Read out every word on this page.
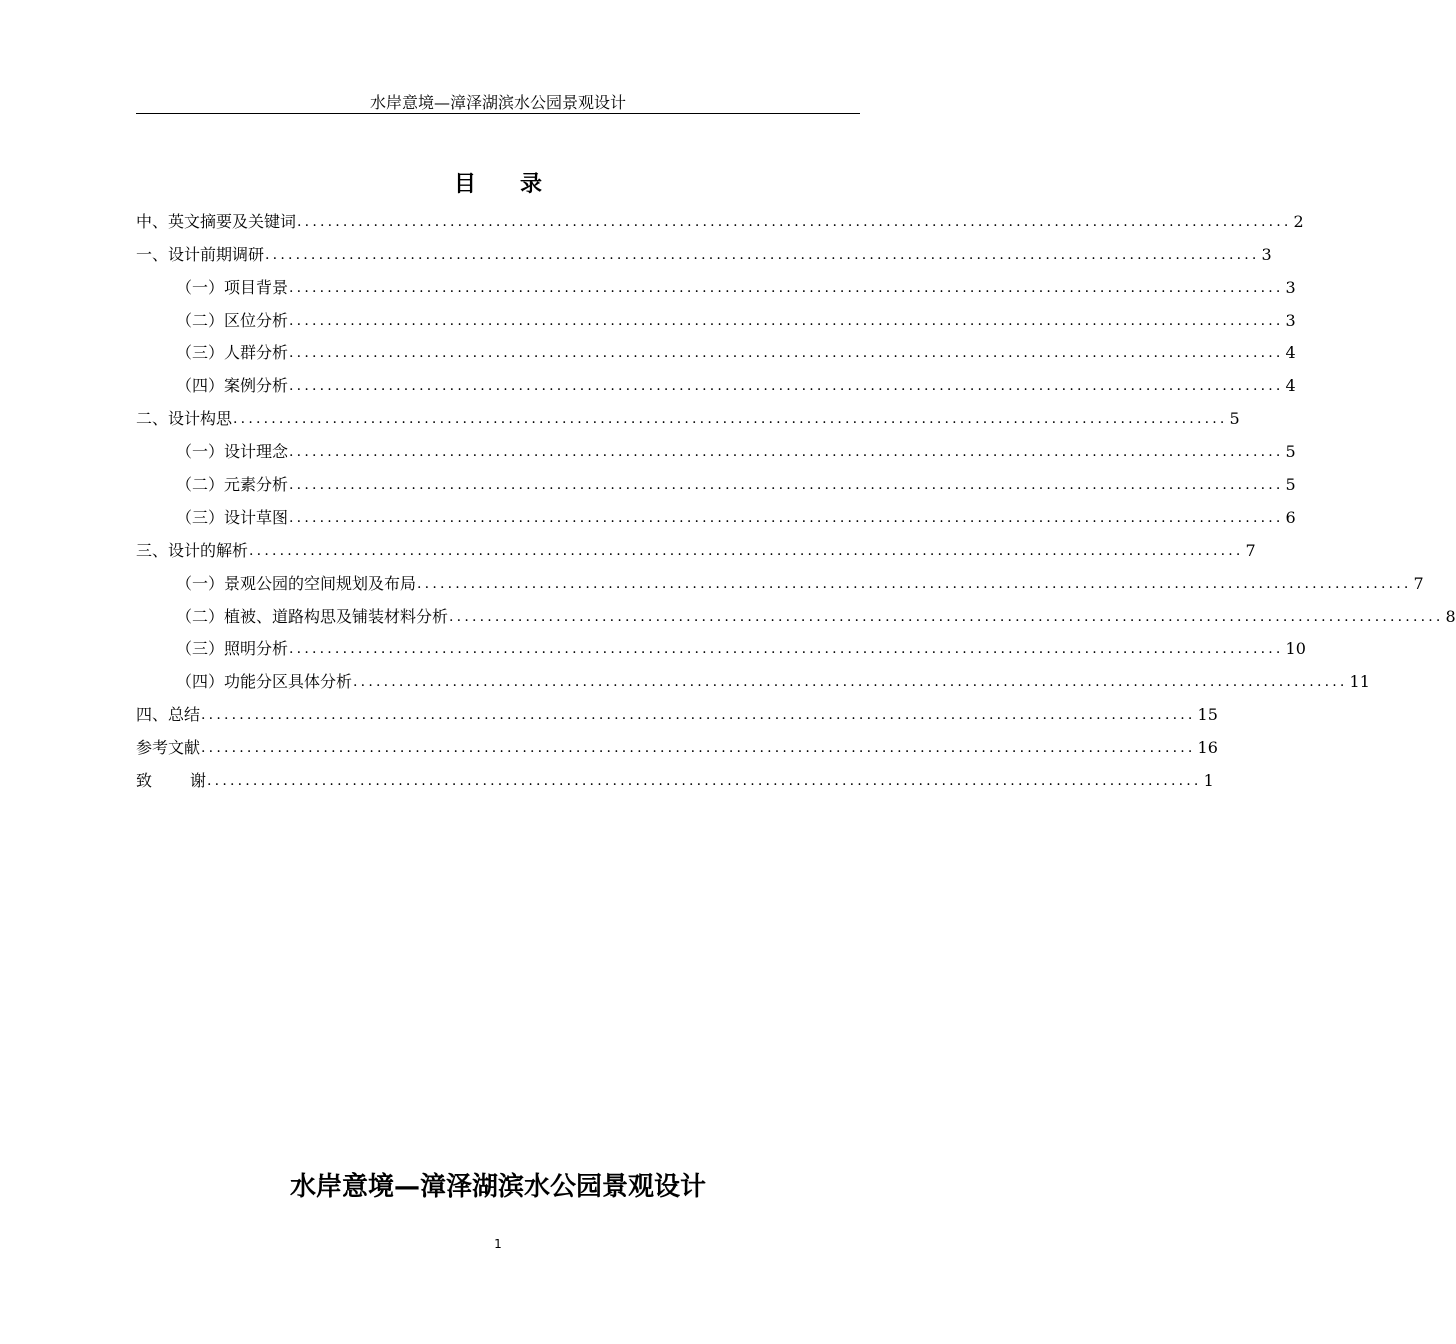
水岸意境—漳泽湖滨水公园景观设计
目 录
中、英文摘要及关键词 .................................................................................................................................. 2
一、设计前期调研 .................................................................................................................................. 3
（一）项目背景 .................................................................................................................................. 3
（二）区位分析 .................................................................................................................................. 3
（三）人群分析 .................................................................................................................................. 4
（四）案例分析 .................................................................................................................................. 4
二、设计构思 .................................................................................................................................. 5
（一）设计理念 .................................................................................................................................. 5
（二）元素分析 .................................................................................................................................. 5
（三）设计草图 .................................................................................................................................. 6
三、设计的解析 .................................................................................................................................. 7
（一）景观公园的空间规划及布局 .................................................................................................................................. 7
（二）植被、道路构思及铺装材料分析 .................................................................................................................................. 8
（三）照明分析 .................................................................................................................................. 10
（四）功能分区具体分析 .................................................................................................................................. 11
四、总结 .................................................................................................................................. 15
参考文献 .................................................................................................................................. 16
致 谢 .................................................................................................................................. 1
水岸意境—漳泽湖滨水公园景观设计
1
